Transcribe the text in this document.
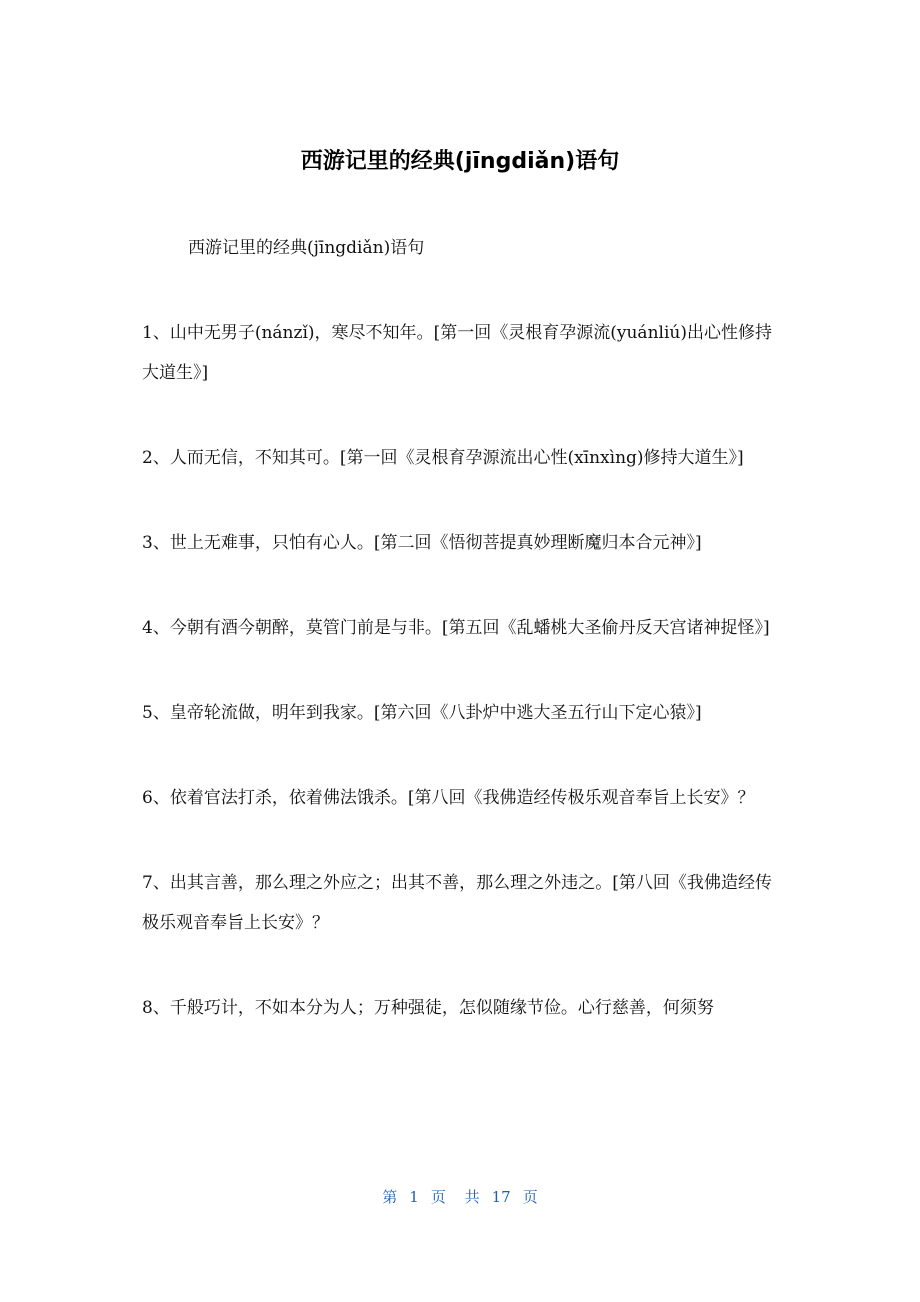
西游记里的经典(jīngdiǎn)语句

西游记里的经典(jīngdiǎn)语句

1、山中无男子(nánzǐ)，寒尽不知年。[第一回《灵根育孕源流(yuánliú)出心性修持大道生》]

2、人而无信，不知其可。[第一回《灵根育孕源流出心性(xīnxìng)修持大道生》]

3、世上无难事，只怕有心人。[第二回《悟彻菩提真妙理断魔归本合元神》]

4、今朝有酒今朝醉，莫管门前是与非。[第五回《乱蟠桃大圣偷丹反天宫诸神捉怪》]

5、皇帝轮流做，明年到我家。[第六回《八卦炉中逃大圣五行山下定心猿》]

6、依着官法打杀，依着佛法饿杀。[第八回《我佛造经传极乐观音奉旨上长安》？

7、出其言善，那么理之外应之；出其不善，那么理之外违之。[第八回《我佛造经传极乐观音奉旨上长安》？

8、千般巧计，不如本分为人；万种强徒，怎似随缘节俭。心行慈善，何须努

第 1 页 共 17 页
